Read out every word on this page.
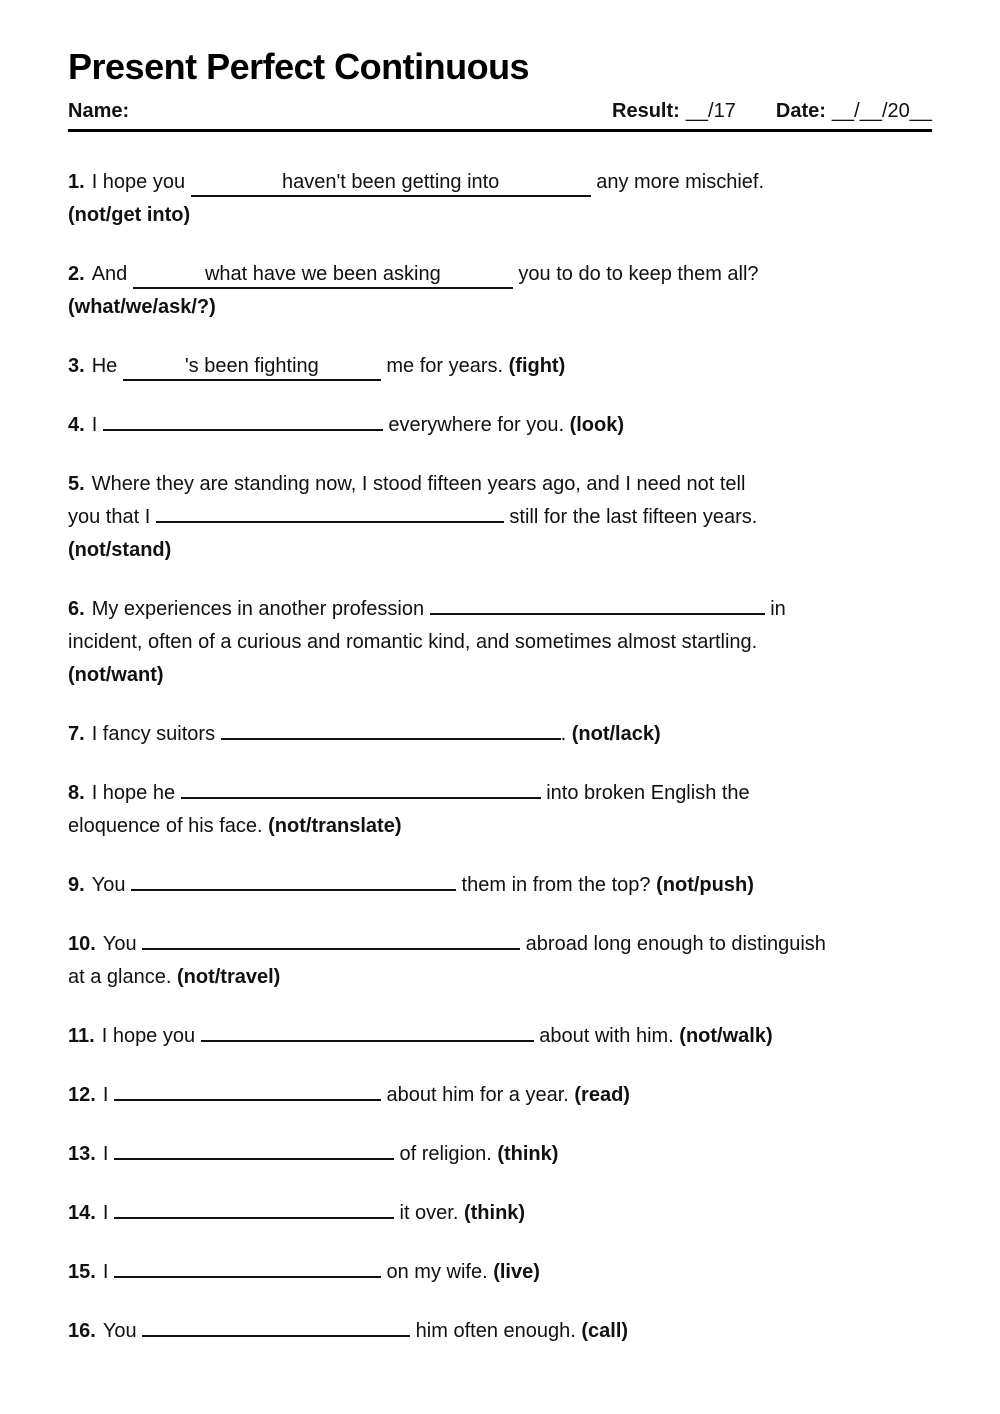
Present Perfect Continuous
Name:	Result: __/17 Date: __/__/20__

1. I hope you	haven't been getting into	any more mischief.
(not/get into)

2. And	what have we been asking	you to do to keep them all?
(what/we/ask/?)

3. He	's been fighting	me for years. (fight)

4. I	everywhere for you. (look)

5. Where they are standing now, I stood fifteen years ago, and I need not tell
you that I	still for the last fifteen years.
(not/stand)

6. My experiences in another profession	in
incident, often of a curious and romantic kind, and sometimes almost startling.
(not/want)

7. I fancy suitors	. (not/lack)

8. I hope he	into broken English the
eloquence of his face. (not/translate)

9. You	them in from the top? (not/push)

10. You	abroad long enough to distinguish
at a glance. (not/travel)

11. I hope you	about with him. (not/walk)

12. I	about him for a year. (read)

13. I	of religion. (think)

14. I	it over. (think)

15. I	on my wife. (live)

16. You	him often enough. (call)
